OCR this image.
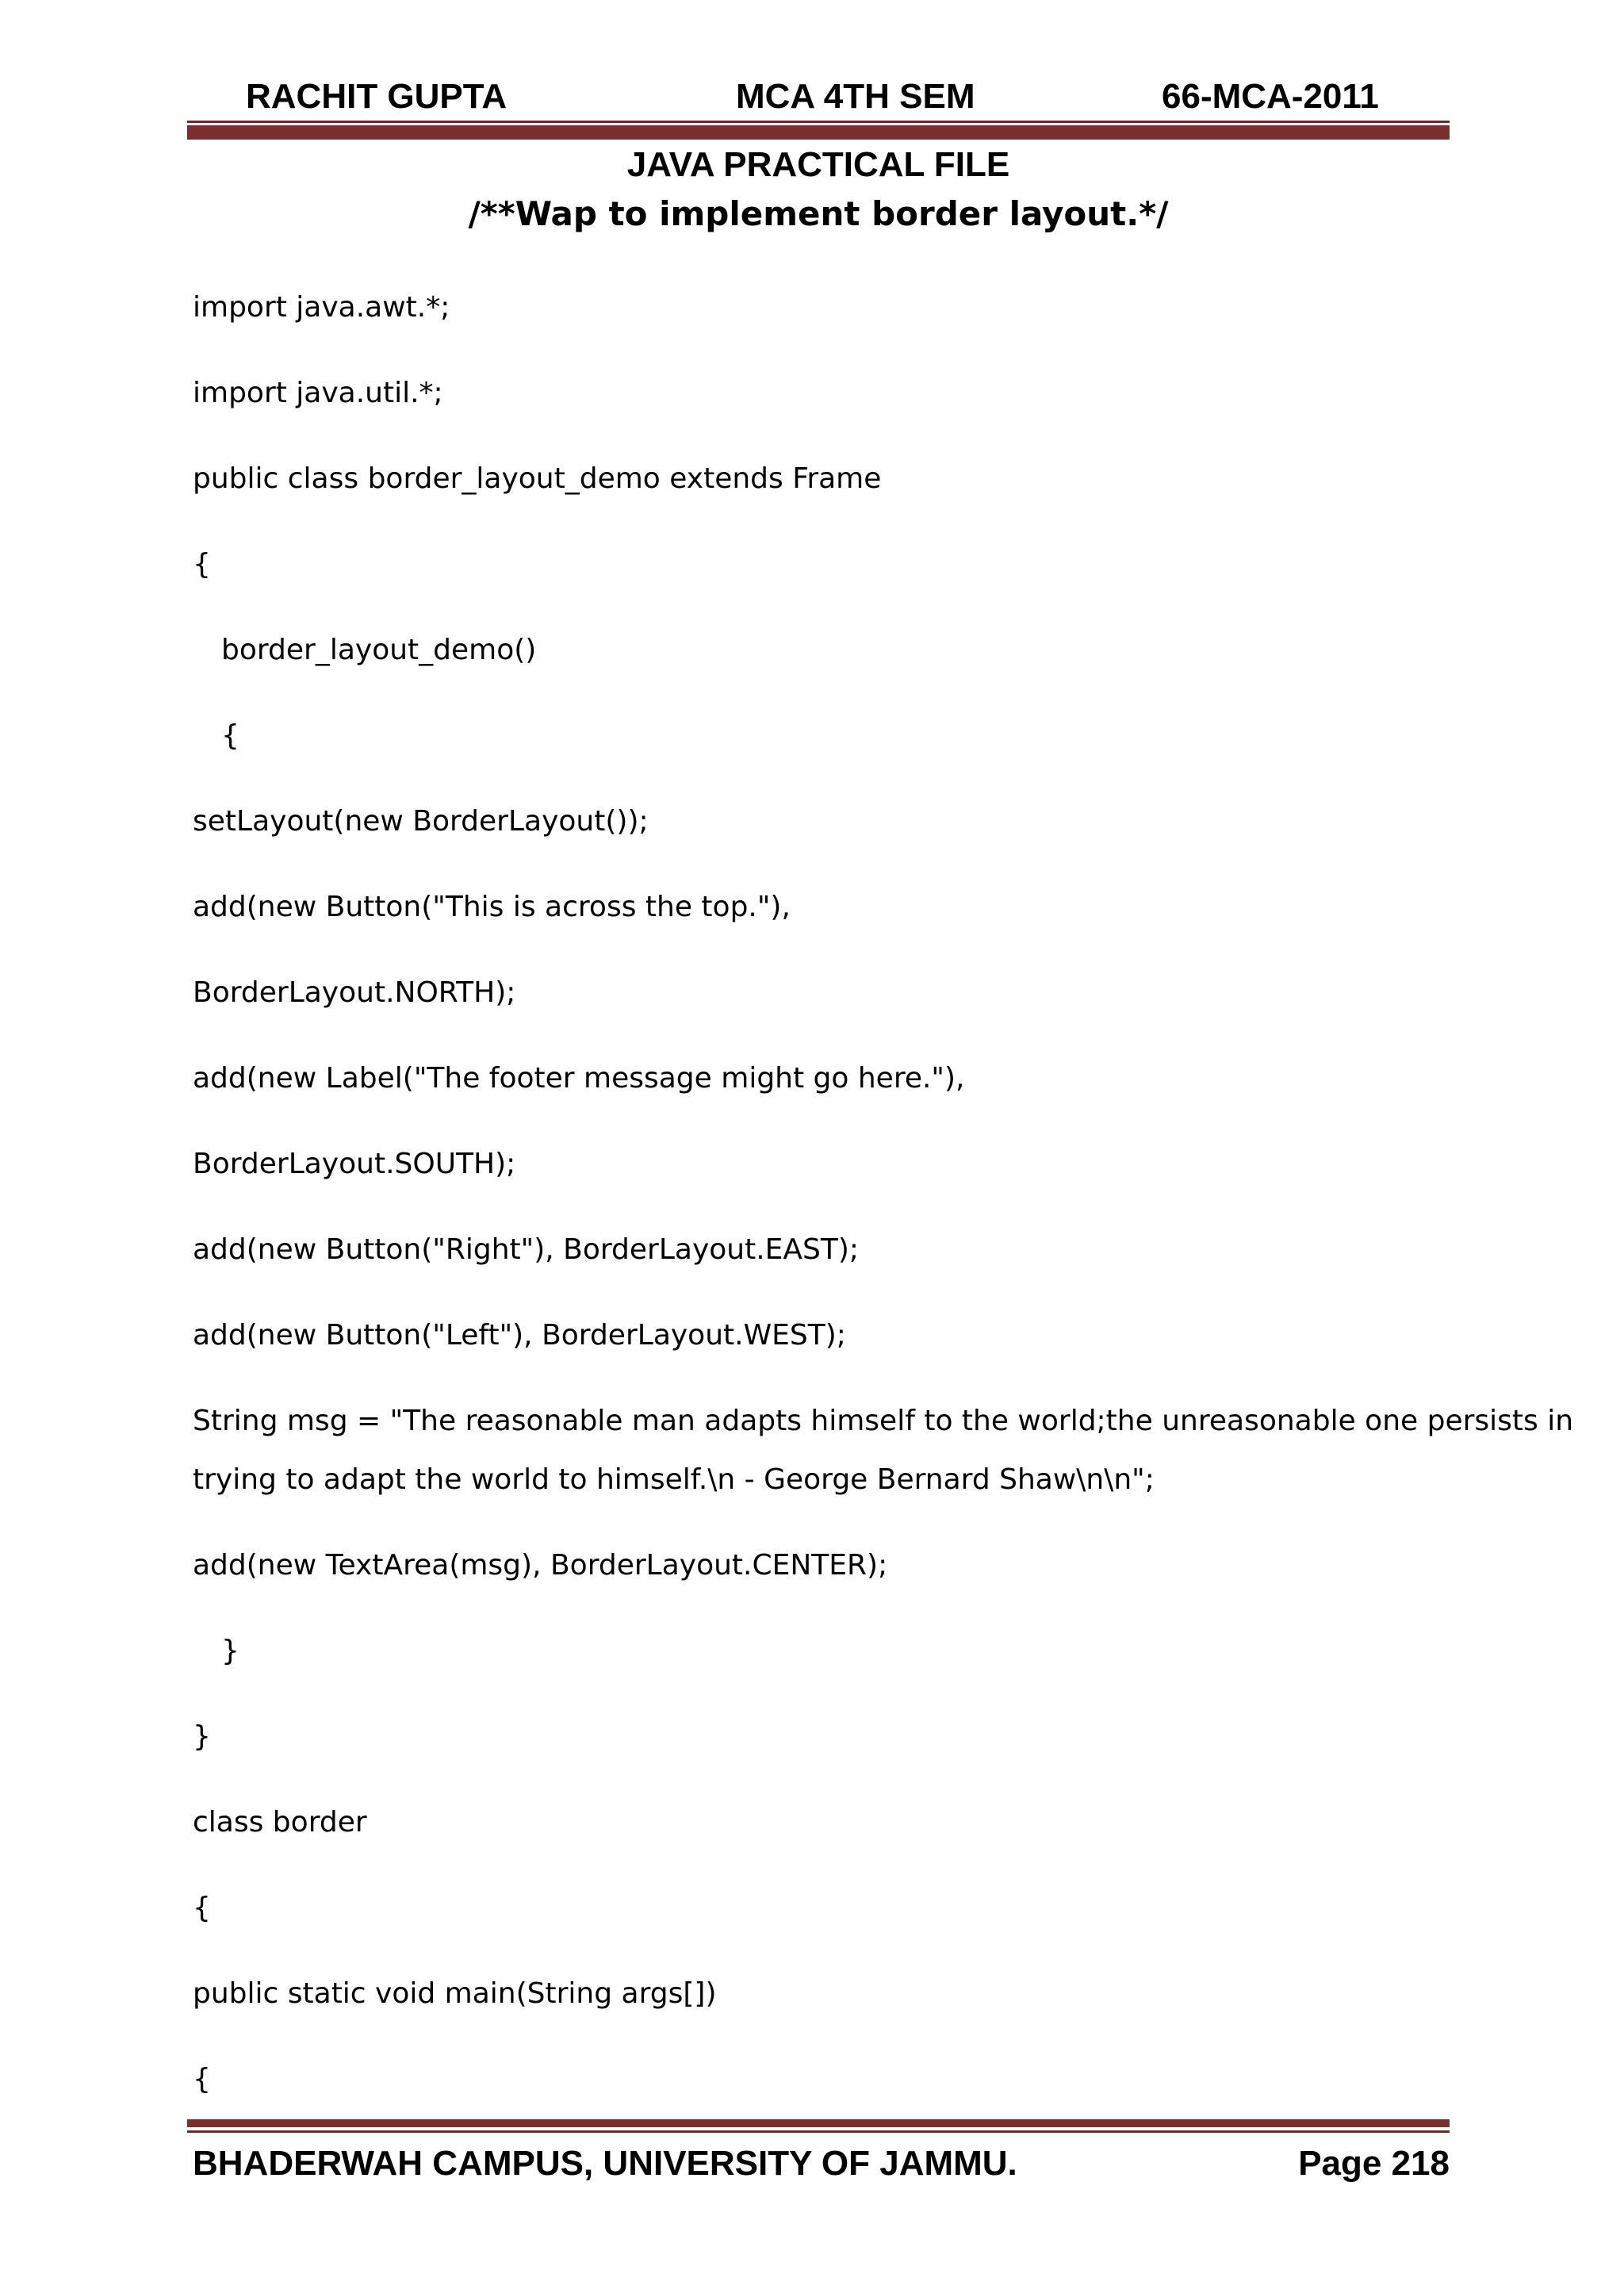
RACHIT GUPTA	MCA 4TH SEM	66-MCA-2011
JAVA PRACTICAL FILE
/**Wap to implement border layout.*/
import java.awt.*;
import java.util.*;
public class border_layout_demo extends Frame
{
border_layout_demo()
{
setLayout(new BorderLayout());
add(new Button("This is across the top."),
BorderLayout.NORTH);
add(new Label("The footer message might go here."),
BorderLayout.SOUTH);
add(new Button("Right"), BorderLayout.EAST);
add(new Button("Left"), BorderLayout.WEST);
String msg = "The reasonable man adapts himself to the world;the unreasonable one persists in
trying to adapt the world to himself.\n - George Bernard Shaw\n\n";
add(new TextArea(msg), BorderLayout.CENTER);
}
}
class border
{
public static void main(String args[])
{
BHADERWAH CAMPUS, UNIVERSITY OF JAMMU.	Page 218
